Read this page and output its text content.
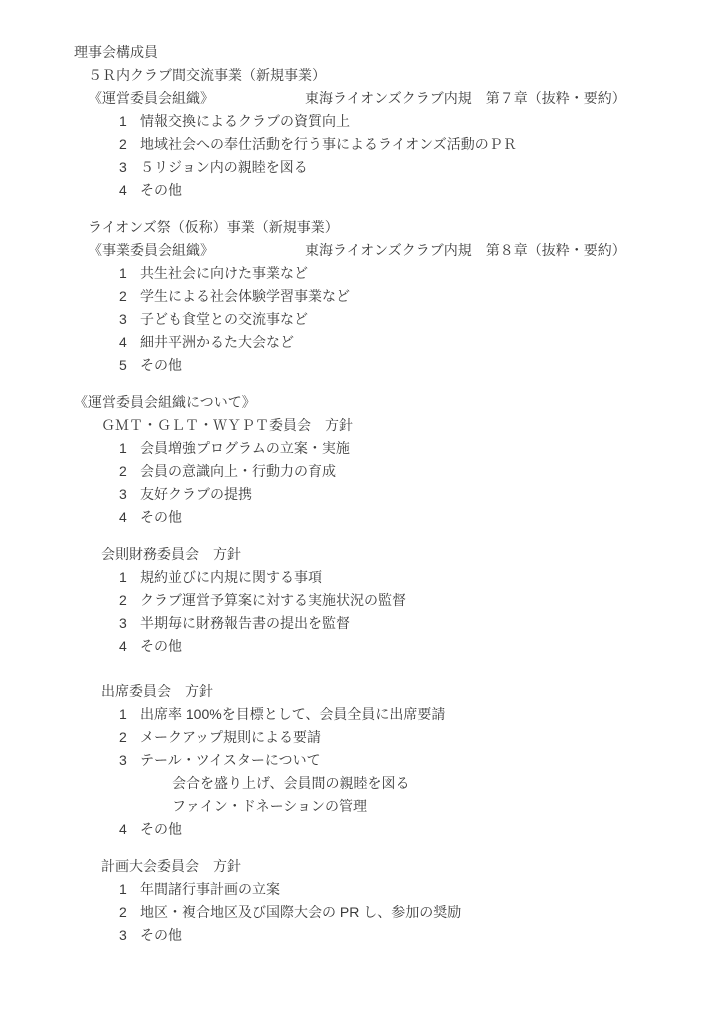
理事会構成員
５Ｒ内クラブ間交流事業（新規事業）
《運営委員会組織》	東海ライオンズクラブ内規　第７章（抜粋・要約）
1 情報交換によるクラブの資質向上
2 地域社会への奉仕活動を行う事によるライオンズ活動のＰＲ
3 ５リジョン内の親睦を図る
4 その他
ライオンズ祭（仮称）事業（新規事業）
《事業委員会組織》	東海ライオンズクラブ内規　第８章（抜粋・要約）
1 共生社会に向けた事業など
2 学生による社会体験学習事業など
3 子ども食堂との交流事など
4 細井平洲かるた大会など
5 その他
《運営委員会組織について》
ＧＭＴ・ＧＬＴ・ＷＹＰＴ委員会　方針
1 会員増強プログラムの立案・実施
2 会員の意識向上・行動力の育成
3 友好クラブの提携
4 その他
会則財務委員会　方針
1 規約並びに内規に関する事項
2 クラブ運営予算案に対する実施状況の監督
3 半期毎に財務報告書の提出を監督
4 その他
出席委員会　方針
1 出席率 100%を目標として、会員全員に出席要請
2 メークアップ規則による要請
3 テール・ツイスターについて
会合を盛り上げ、会員間の親睦を図る
ファイン・ドネーションの管理
4 その他
計画大会委員会　方針
1 年間諸行事計画の立案
2 地区・複合地区及び国際大会の PR し、参加の奨励
3 その他
